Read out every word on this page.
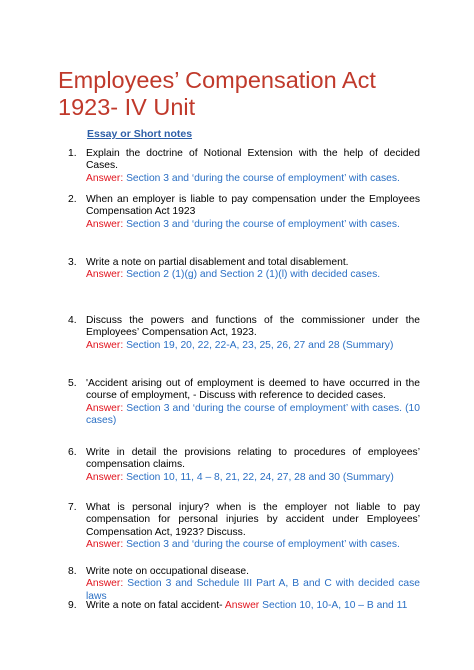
Employees’ Compensation Act
1923- IV Unit
Essay or Short notes
1. Explain the doctrine of Notional Extension with the help of decided Cases.
Answer: Section 3 and ‘during the course of employment’ with cases.
2. When an employer is liable to pay compensation under the Employees Compensation Act 1923
Answer: Section 3 and ‘during the course of employment’ with cases.
3. Write a note on partial disablement and total disablement.
Answer: Section 2 (1)(g) and Section 2 (1)(l) with decided cases.
4. Discuss the powers and functions of the commissioner under the Employees’ Compensation Act, 1923.
Answer: Section 19, 20, 22, 22-A, 23, 25, 26, 27 and 28 (Summary)
5. 'Accident arising out of employment is deemed to have occurred in the course of employment, - Discuss with reference to decided cases.
Answer: Section 3 and ‘during the course of employment’ with cases. (10 cases)
6. Write in detail the provisions relating to procedures of employees’ compensation claims.
Answer: Section 10, 11, 4 – 8, 21, 22, 24, 27, 28 and 30 (Summary)
7. What is personal injury? when is the employer not liable to pay compensation for personal injuries by accident under Employees’ Compensation Act, 1923? Discuss.
Answer: Section 3 and ‘during the course of employment’ with cases.
8. Write note on occupational disease.
Answer: Section 3 and Schedule III Part A, B and C with decided case laws
9. Write a note on fatal accident- Answer Section 10, 10-A, 10 – B and 11
